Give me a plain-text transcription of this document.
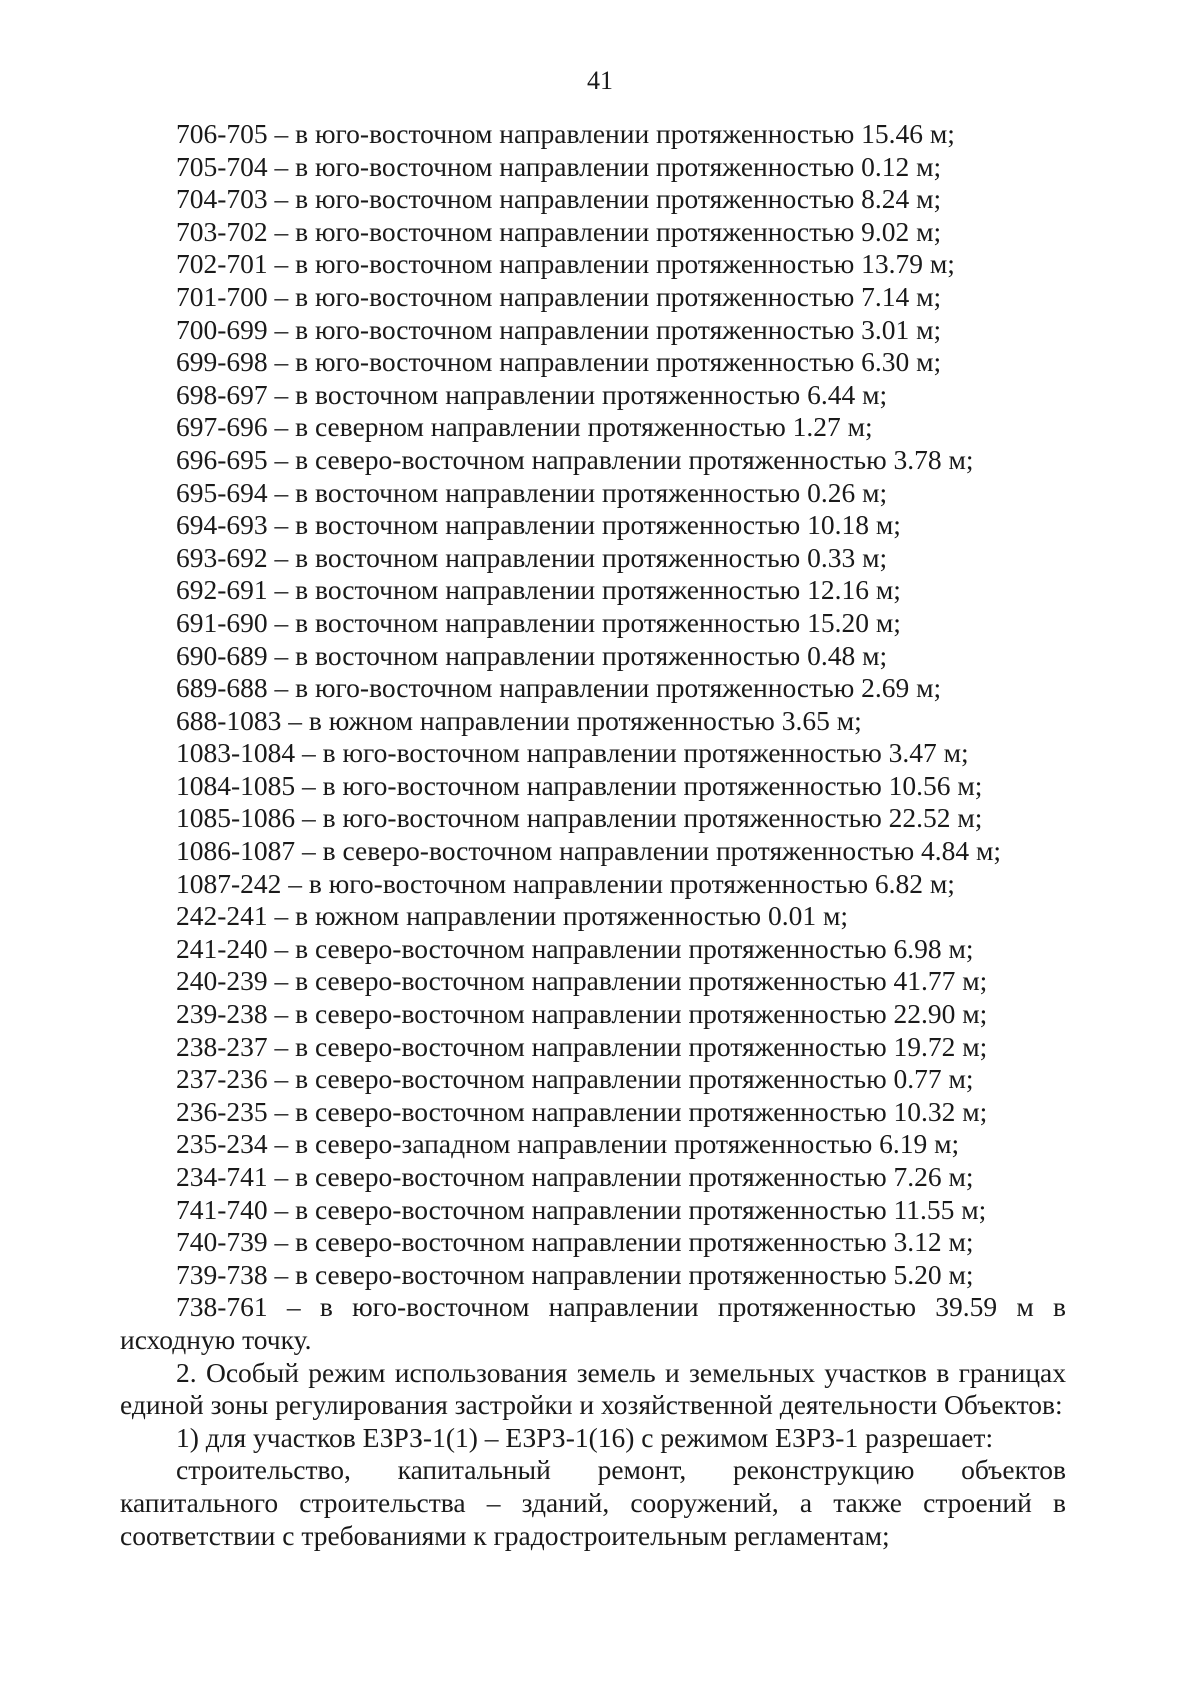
41

706-705 – в юго-восточном направлении протяженностью 15.46 м;

705-704 – в юго-восточном направлении протяженностью 0.12 м;

704-703 – в юго-восточном направлении протяженностью 8.24 м;

703-702 – в юго-восточном направлении протяженностью 9.02 м;

702-701 – в юго-восточном направлении протяженностью 13.79 м;

701-700 – в юго-восточном направлении протяженностью 7.14 м;

700-699 – в юго-восточном направлении протяженностью 3.01 м;

699-698 – в юго-восточном направлении протяженностью 6.30 м;

698-697 – в восточном направлении протяженностью 6.44 м;

697-696 – в северном направлении протяженностью 1.27 м;

696-695 – в северо-восточном направлении протяженностью 3.78 м;

695-694 – в восточном направлении протяженностью 0.26 м;

694-693 – в восточном направлении протяженностью 10.18 м;

693-692 – в восточном направлении протяженностью 0.33 м;

692-691 – в восточном направлении протяженностью 12.16 м;

691-690 – в восточном направлении протяженностью 15.20 м;

690-689 – в восточном направлении протяженностью 0.48 м;

689-688 – в юго-восточном направлении протяженностью 2.69 м;

688-1083 – в южном направлении протяженностью 3.65 м;

1083-1084 – в юго-восточном направлении протяженностью 3.47 м;

1084-1085 – в юго-восточном направлении протяженностью 10.56 м;

1085-1086 – в юго-восточном направлении протяженностью 22.52 м;

1086-1087 – в северо-восточном направлении протяженностью 4.84 м;

1087-242 – в юго-восточном направлении протяженностью 6.82 м;

242-241 – в южном направлении протяженностью 0.01 м;

241-240 – в северо-восточном направлении протяженностью 6.98 м;

240-239 – в северо-восточном направлении протяженностью 41.77 м;

239-238 – в северо-восточном направлении протяженностью 22.90 м;

238-237 – в северо-восточном направлении протяженностью 19.72 м;

237-236 – в северо-восточном направлении протяженностью 0.77 м;

236-235 – в северо-восточном направлении протяженностью 10.32 м;

235-234 – в северо-западном направлении протяженностью 6.19 м;

234-741 – в северо-восточном направлении протяженностью 7.26 м;

741-740 – в северо-восточном направлении протяженностью 11.55 м;

740-739 – в северо-восточном направлении протяженностью 3.12 м;

739-738 – в северо-восточном направлении протяженностью 5.20 м;

738-761 – в юго-восточном направлении протяженностью 39.59 м в исходную точку.

2. Особый режим использования земель и земельных участков в границах единой зоны регулирования застройки и хозяйственной деятельности Объектов:

1) для участков ЕЗРЗ-1(1) – ЕЗРЗ-1(16) с режимом ЕЗРЗ-1 разрешает:

строительство, капитальный ремонт, реконструкцию объектов капитального строительства – зданий, сооружений, а также строений в соответствии с требованиями к градостроительным регламентам;
